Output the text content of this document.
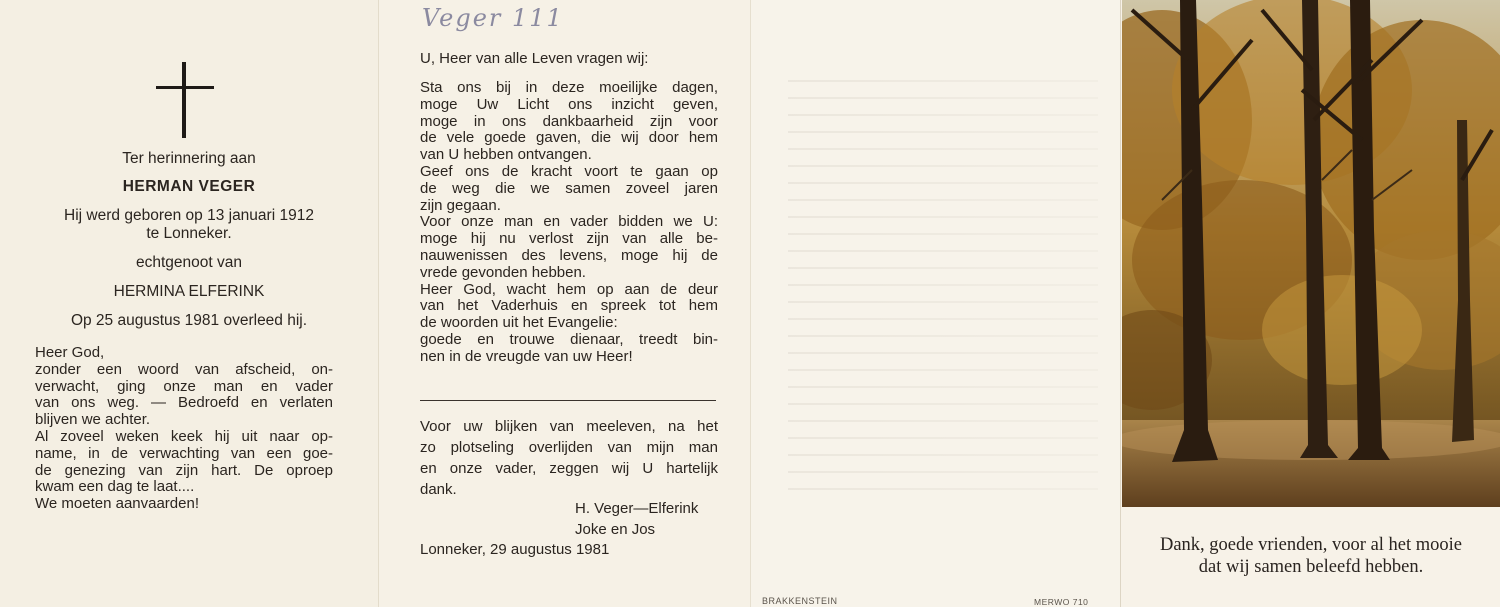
Ter herinnering aan
HERMAN VEGER
Hij werd geboren op 13 januari 1912
te Lonneker.
echtgenoot van
HERMINA ELFERINK
Op 25 augustus 1981 overleed hij.
Heer God,
zonder een woord van afscheid, on-
verwacht, ging onze man en vader
van ons weg. — Bedroefd en verlaten
blijven we achter.
Al zoveel weken keek hij uit naar op-
name, in de verwachting van een goe-
de genezing van zijn hart. De oproep
kwam een dag te laat....
We moeten aanvaarden!
Veger 111
U, Heer van alle Leven vragen wij:
Sta ons bij in deze moeilijke dagen,
moge Uw Licht ons inzicht geven,
moge in ons dankbaarheid zijn voor
de vele goede gaven, die wij door hem
van U hebben ontvangen.
Geef ons de kracht voort te gaan op
de weg die we samen zoveel jaren
zijn gegaan.
Voor onze man en vader bidden we U:
moge hij nu verlost zijn van alle be-
nauwenissen des levens, moge hij de
vrede gevonden hebben.
Heer God, wacht hem op aan de deur
van het Vaderhuis en spreek tot hem
de woorden uit het Evangelie:
goede en trouwe dienaar, treedt bin-
nen in de vreugde van uw Heer!
Voor uw blijken van meeleven, na het
zo plotseling overlijden van mijn man
en onze vader, zeggen wij U hartelijk
dank.
H. Veger—Elferink
Joke en Jos
Lonneker, 29 augustus 1981
BRAKKENSTEIN	MERWO 710
Dank, goede vrienden, voor al het mooie
dat wij samen beleefd hebben.
